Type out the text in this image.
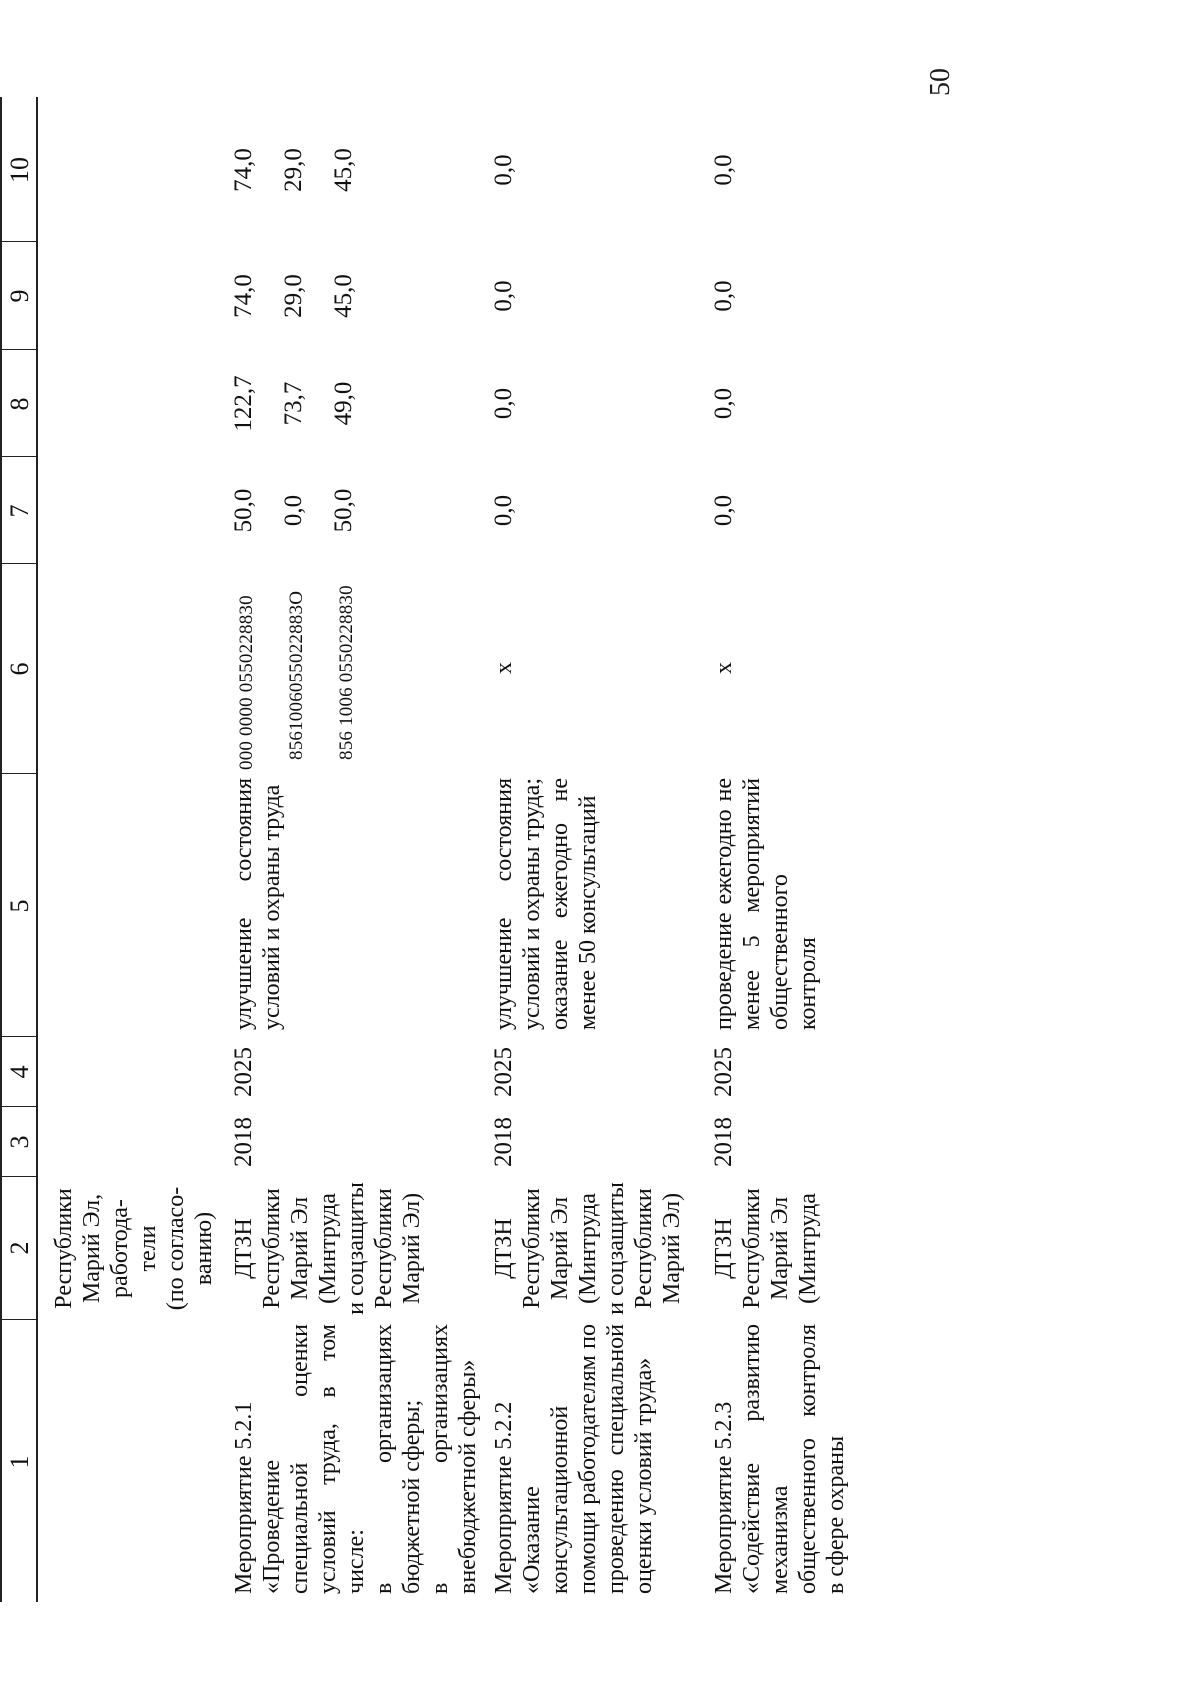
50
1
2
3
4
5
6
7
8
9
10
Республики
Марий Эл,
работода-
тели
(по согласо-
ванию)
Мероприятие 5.2.1
«Проведение специальной оценки условий труда, в том числе:
в организациях бюджетной сферы;
в организациях внебюджетной сферы»
ДТЗН
Республики
Марий Эл
(Минтруда
и соцзащиты
Республики
Марий Эл)
2018
2025
улучшение состояния условий и охраны труда
000 0000 0550228830 8561006055022883О 856 1006 0550228830
50,0 0,0 50,0
122,7 73,7 49,0
74,0 29,0 45,0
74,0 29,0 45,0
Мероприятие 5.2.2
«Оказание консультационной помощи работодателям по проведению специальной оценки условий труда»
ДТЗН
Республики
Марий Эл
(Минтруда
и соцзащиты
Республики
Марий Эл)
2018
2025
улучшение состояния условий и охраны труда; оказание ежегодно не менее 50 консультаций
х
0,0
0,0
0,0
0,0
Мероприятие 5.2.3
«Содействие развитию механизма общественного контроля в сфере охраны
ДТЗН
Республики
Марий Эл
(Минтруда
2018
2025
проведение ежегодно не менее 5 мероприятий общественного контроля
х
0,0
0,0
0,0
0,0
